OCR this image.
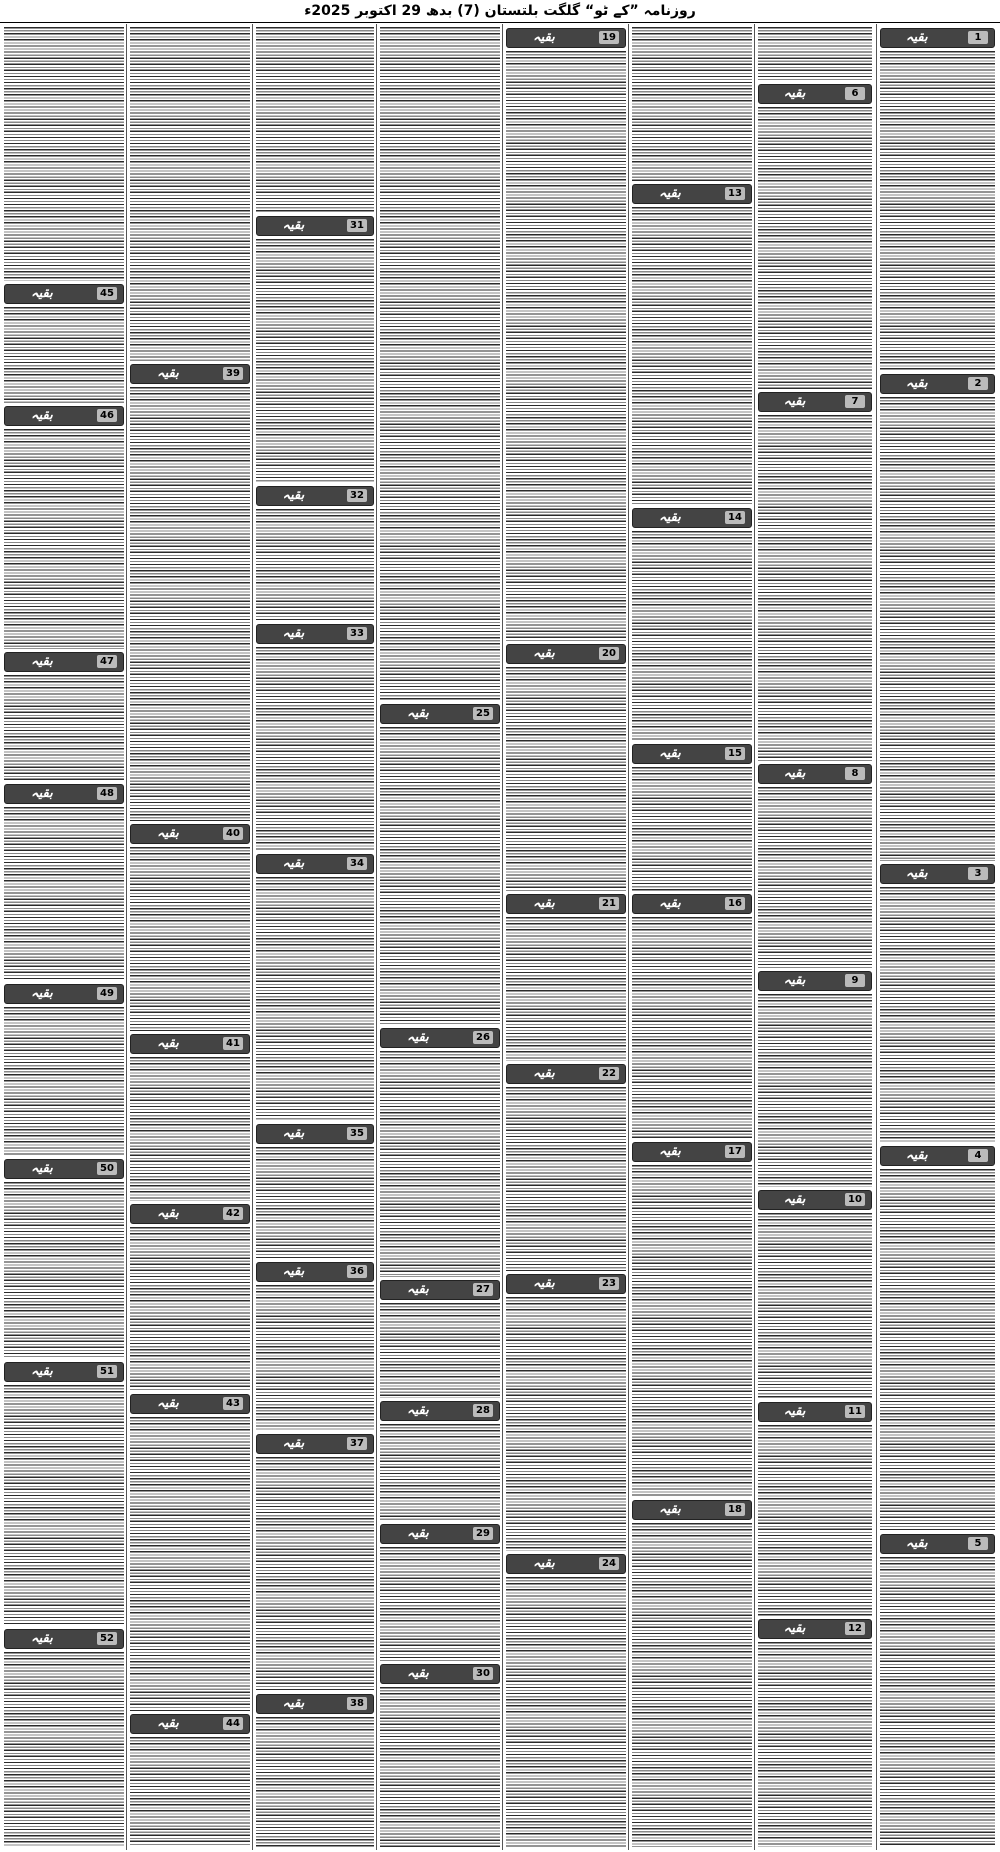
روزنامہ ”کے ٹو“ گلگت بلتستان (7) بدھ 29 اکتوبر 2025ء
بقیہ	1
بقیہ	2
بقیہ	3
بقیہ	4
بقیہ	5
بقیہ	6
بقیہ	7
بقیہ	8
بقیہ	9
بقیہ	10
بقیہ	11
بقیہ	12
بقیہ	13
بقیہ	14
بقیہ	15
بقیہ	16
بقیہ	17
بقیہ	18
بقیہ	19
بقیہ	20
بقیہ	21
بقیہ	22
بقیہ	23
بقیہ	24
بقیہ	25
بقیہ	26
بقیہ	27
بقیہ	28
بقیہ	29
بقیہ	30
بقیہ	31
بقیہ	32
بقیہ	33
بقیہ	34
بقیہ	35
بقیہ	36
بقیہ	37
بقیہ	38
بقیہ	39
بقیہ	40
بقیہ	41
بقیہ	42
بقیہ	43
بقیہ	44
بقیہ	45
بقیہ	46
بقیہ	47
بقیہ	48
بقیہ	49
بقیہ	50
بقیہ	51
بقیہ	52
